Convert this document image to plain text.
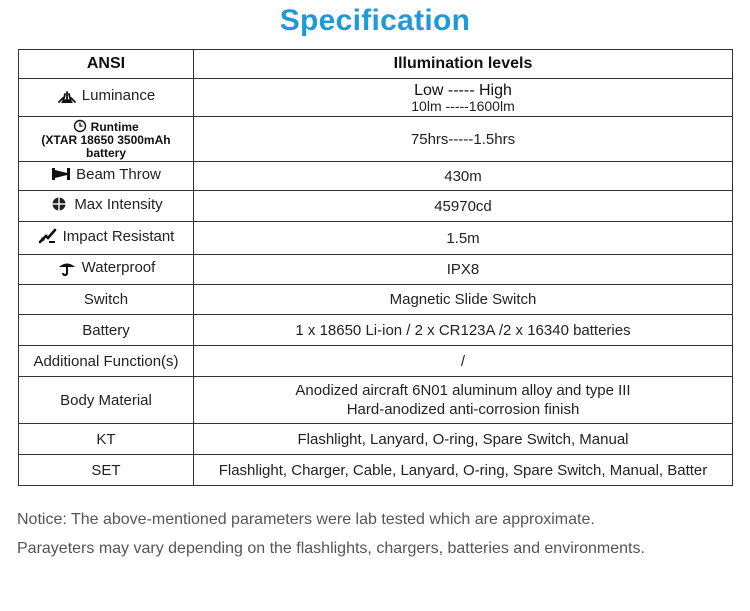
Specification
ANSI	Illumination levels

Luminance	Low ----- High
10lm -----1600lm

Runtime
(XTAR 18650 3500mAh
battery	75hrs-----1.5hrs

Beam Throw	430m

Max Intensity	45970cd

Impact Resistant	1.5m

Waterproof	IPX8
Switch	Magnetic Slide Switch
Battery	1 x 18650 Li-ion / 2 x CR123A /2 x 16340 batteries
Additional Function(s)	/
Body Material	Anodized aircraft 6N01 aluminum alloy and type III
Hard-anodized anti-corrosion finish
KT	Flashlight, Lanyard, O-ring, Spare Switch, Manual
SET	Flashlight, Charger, Cable, Lanyard, O-ring, Spare Switch, Manual, Batter
Notice: The above-mentioned parameters were lab tested which are approximate.
Parayeters may vary depending on the flashlights, chargers, batteries and environments.
